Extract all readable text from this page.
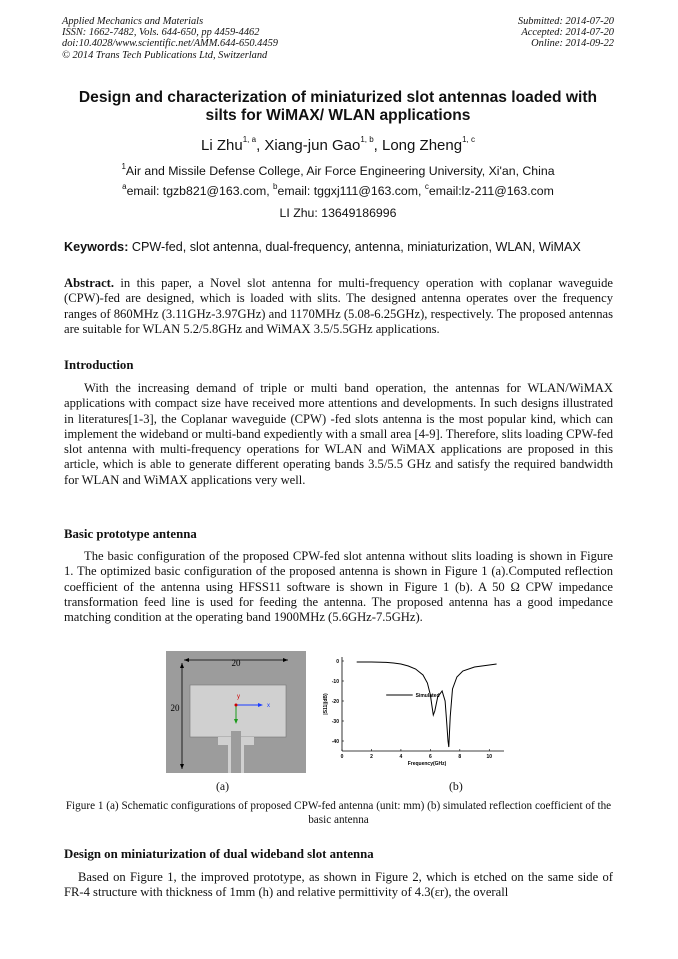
Applied Mechanics and Materials
ISSN: 1662-7482, Vols. 644-650, pp 4459-4462
doi:10.4028/www.scientific.net/AMM.644-650.4459
© 2014 Trans Tech Publications Ltd, Switzerland
Submitted: 2014-07-20
Accepted: 2014-07-20
Online: 2014-09-22
Design and characterization of miniaturized slot antennas loaded with silts for WiMAX/ WLAN applications
Li Zhu$^{1, a}$, Xiang-jun Gao$^{1, b}$, Long Zheng$^{1, c}$
$^1$Air and Missile Defense College, Air Force Engineering University, Xi'an, China
$^a$email: tgzb821@163.com, $^b$email: tggxj111@163.com, $^c$email:lz-211@163.com
LI Zhu: 13649186996
Keywords: CPW-fed, slot antenna, dual-frequency, antenna, miniaturization, WLAN, WiMAX
Abstract. in this paper, a Novel slot antenna for multi-frequency operation with coplanar waveguide (CPW)-fed are designed, which is loaded with slits. The designed antenna operates over the frequency ranges of 860MHz (3.11GHz-3.97GHz) and 1170MHz (5.08-6.25GHz), respectively. The proposed antennas are suitable for WLAN 5.2/5.8GHz and WiMAX 3.5/5.5GHz applications.
Introduction
With the increasing demand of triple or multi band operation, the antennas for WLAN/WiMAX applications with compact size have received more attentions and developments. In such designs illustrated in literatures[1-3], the Coplanar waveguide (CPW) -fed slots antenna is the most popular kind, which can implement the wideband or multi-band expediently with a small area [4-9]. Therefore, slits loading CPW-fed slot antenna with multi-frequency operations for WLAN and WiMAX applications are proposed in this article, which is able to generate different operating bands 3.5/5.5 GHz and satisfy the required bandwidth for WLAN and WiMAX applications very well.
Basic prototype antenna
The basic configuration of the proposed CPW-fed slot antenna without slits loading is shown in Figure 1. The optimized basic configuration of the proposed antenna is shown in Figure 1 (a).Computed reflection coefficient of the antenna using HFSS11 software is shown in Figure 1 (b). A 50 Ω CPW impedance transformation feed line is used for feeding the antenna. The proposed antenna has a good impedance matching condition at the operating band 1900MHz (5.6GHz-7.5GHz).
20
20	x
y
0
-10
-20
-30
-40
0	2	4	6	8	10
Frequency(GHz)
|S11|(dB)	Simulated
(a)	(b)
Figure 1 (a) Schematic configurations of proposed CPW-fed antenna (unit: mm) (b) simulated reflection coefficient of the basic antenna
Design on miniaturization of dual wideband slot antenna
Based on Figure 1, the improved prototype, as shown in Figure 2, which is etched on the same side of FR-4 structure with thickness of 1mm (h) and relative permittivity of 4.3(εr), the overall
